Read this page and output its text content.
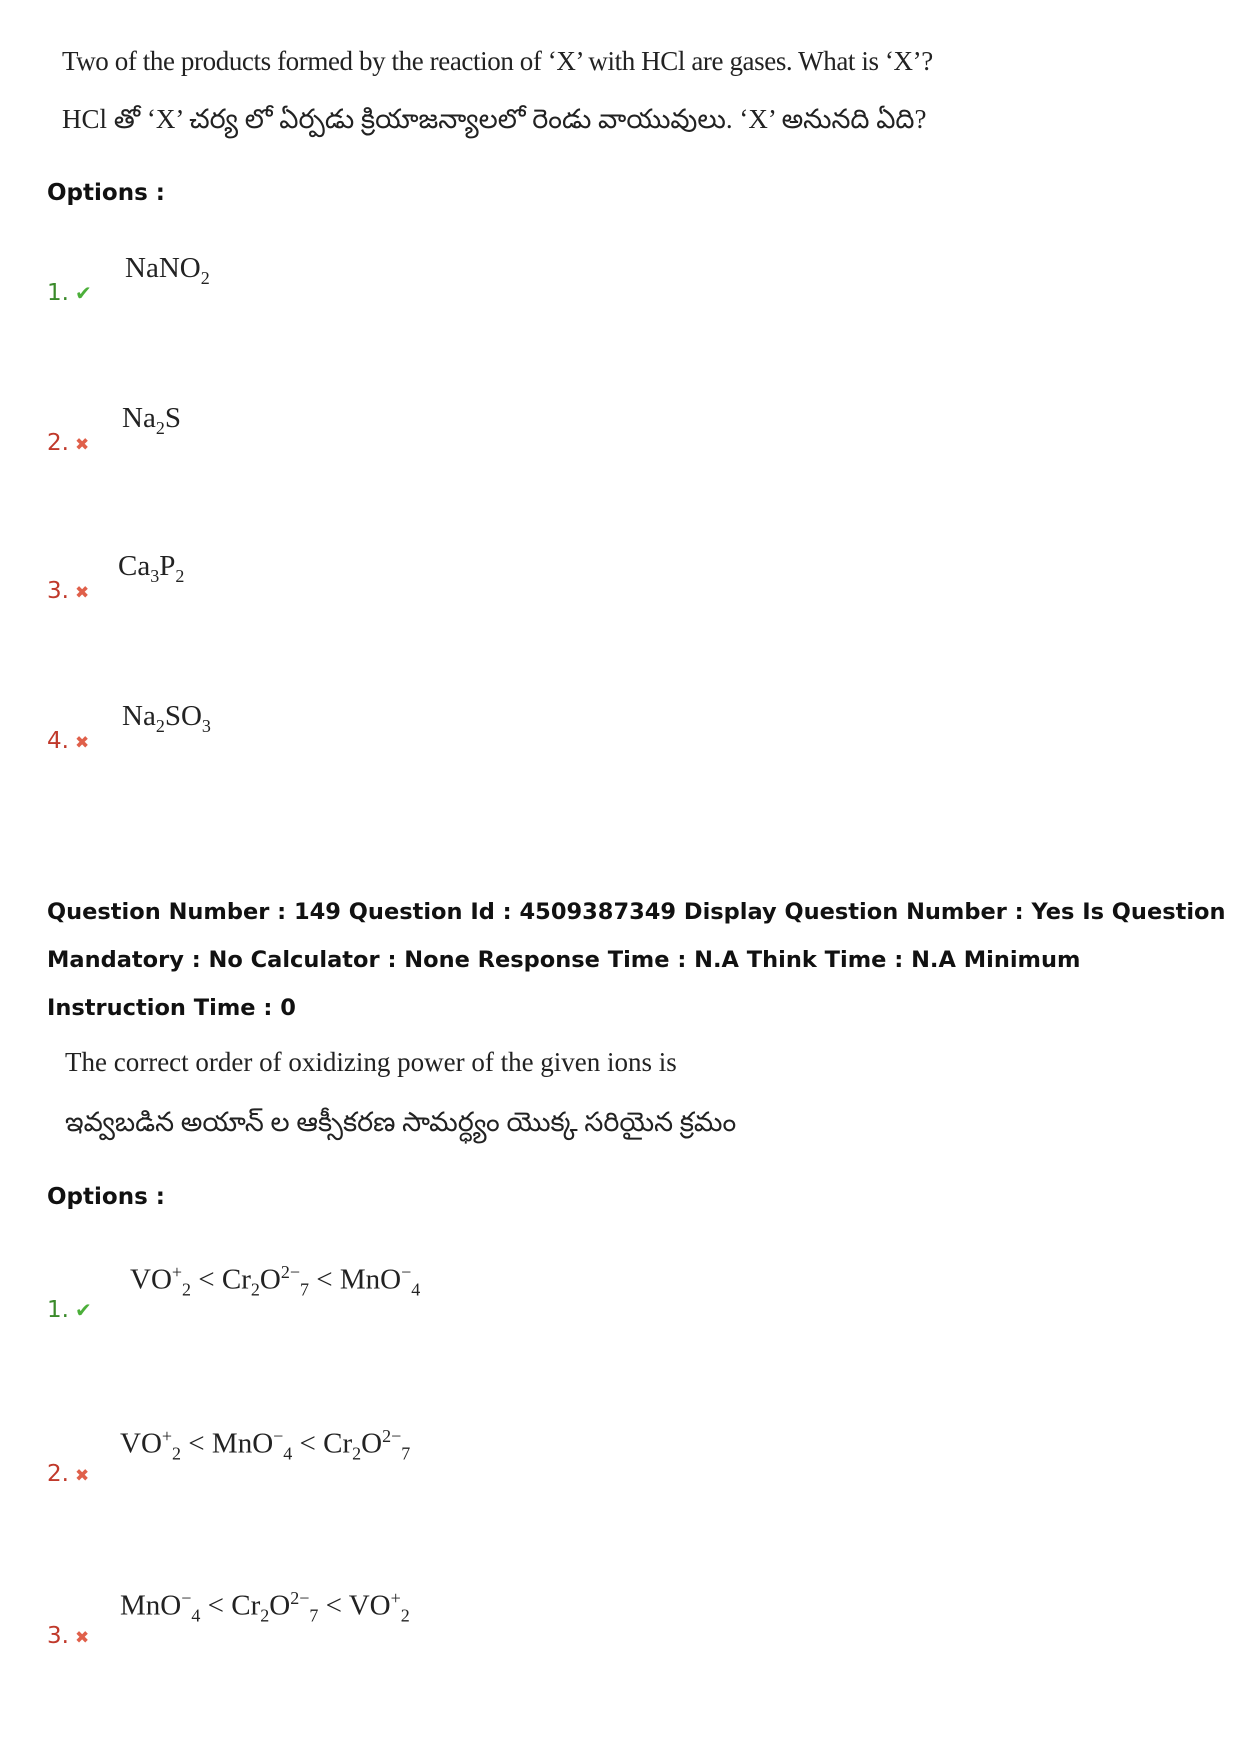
Two of the products formed by the reaction of ‘X’ with HCl are gases. What is ‘X’?
HCl తో ‘X’ చర్య లో ఏర్పడు క్రియాజన్యాలలో రెండు వాయువులు. ‘X’ అనునది ఏది?
Options :
1. ✔
NaNO$_2$
2. ✖
$Na_2S$
3. ✖
$Ca_3P_2$
4. ✖
$Na_2SO_3$
Question Number : 149 Question Id : 4509387349 Display Question Number : Yes Is Question Mandatory : No Calculator : None Response Time : N.A Think Time : N.A Minimum Instruction Time : 0
The correct order of oxidizing power of the given ions is
ఇవ్వబడిన అయాన్ ల ఆక్సీకరణ సామర్ధ్యం యొక్క సరియైన క్రమం
Options :
1. ✔
$VO^+_2 < Cr_2O^{2-}_7 < MnO^-_4$
2. ✖
$VO^+_2 < MnO^-_4 < Cr_2O^{2-}_7$
3. ✖
$MnO^-_4 < Cr_2O^{2-}_7 < VO^+_2$
